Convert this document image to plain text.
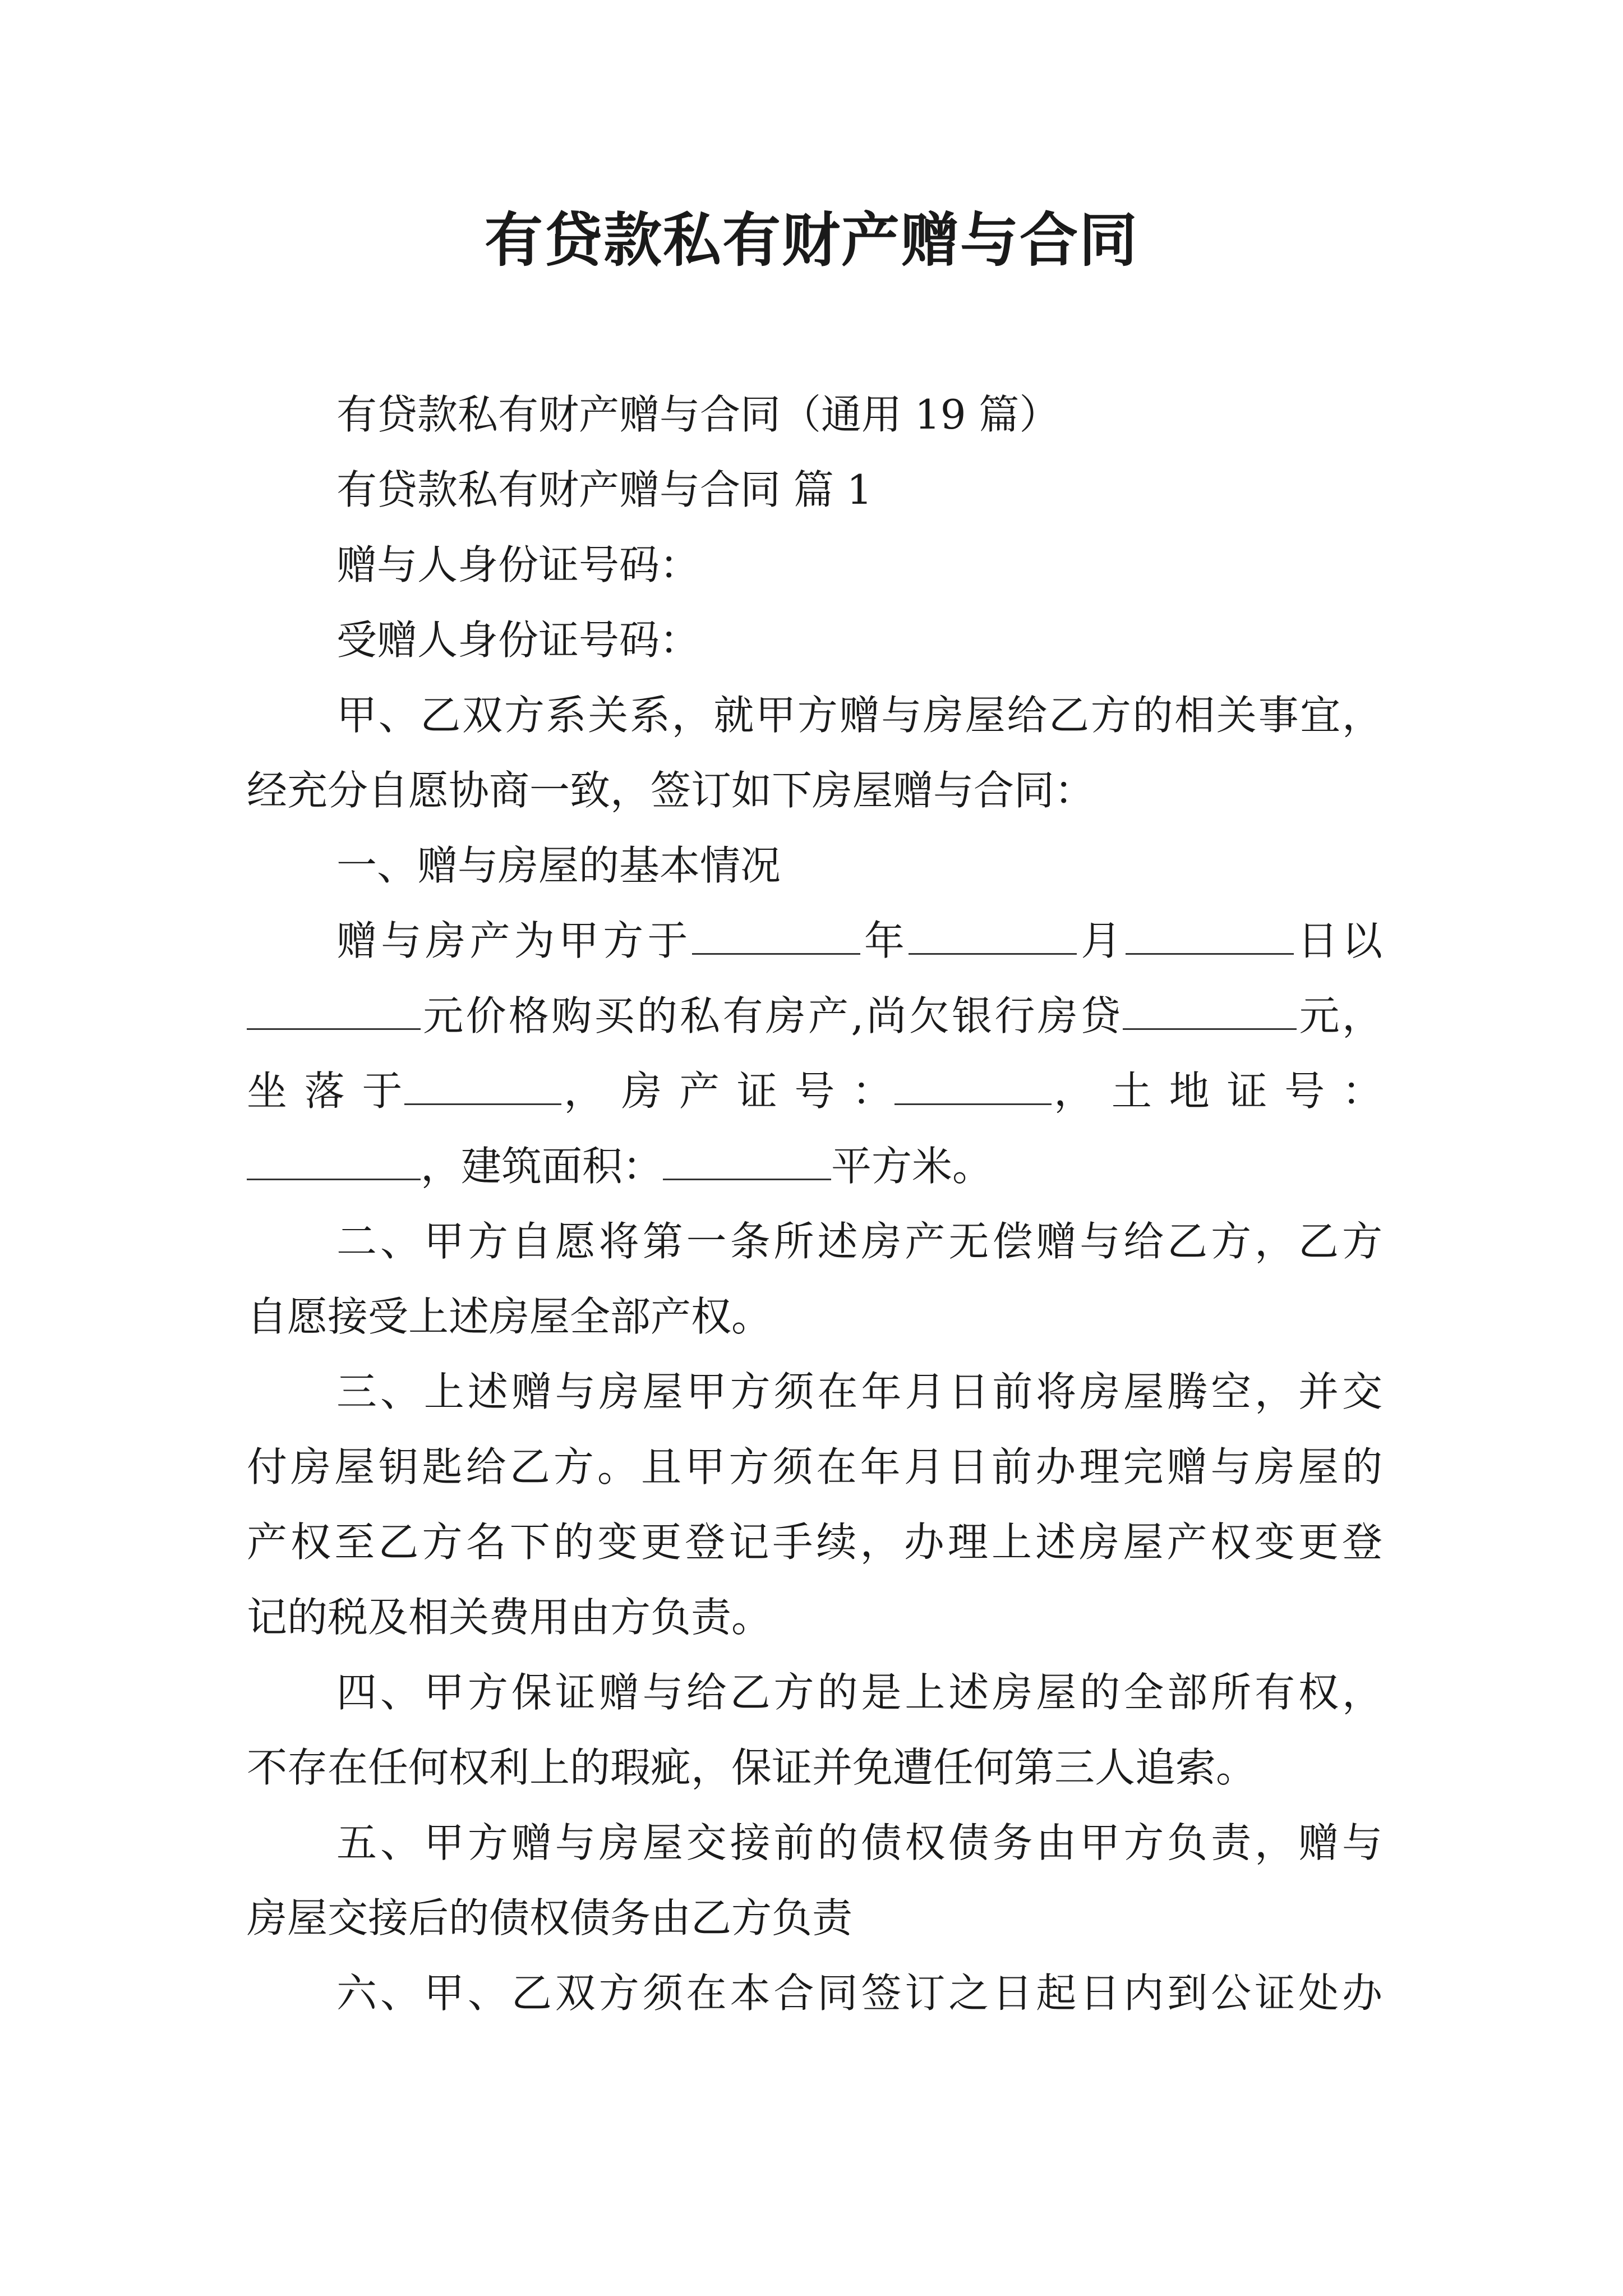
有贷款私有财产赠与合同

有贷款私有财产赠与合同（通用 19 篇）

有贷款私有财产赠与合同 篇 1

赠与人身份证号码：

受赠人身份证号码：

甲、乙双方系关系，就甲方赠与房屋给乙方的相关事宜，

经充分自愿协商一致，签订如下房屋赠与合同：

一、赠与房屋的基本情况

赠与房产为甲方于	年	月	日以

元价格购买的私有房产,尚欠银行房贷	元，

坐 落 于	， 房 产 证 号 ：	， 土 地 证 号 ：

，建筑面积：	平方米。

二、甲方自愿将第一条所述房产无偿赠与给乙方，乙方

自愿接受上述房屋全部产权。

三、上述赠与房屋甲方须在年月日前将房屋腾空，并交

付房屋钥匙给乙方。且甲方须在年月日前办理完赠与房屋的

产权至乙方名下的变更登记手续，办理上述房屋产权变更登

记的税及相关费用由方负责。

四、甲方保证赠与给乙方的是上述房屋的全部所有权，

不存在任何权利上的瑕疵，保证并免遭任何第三人追索。

五、甲方赠与房屋交接前的债权债务由甲方负责，赠与

房屋交接后的债权债务由乙方负责

六、甲、乙双方须在本合同签订之日起日内到公证处办
